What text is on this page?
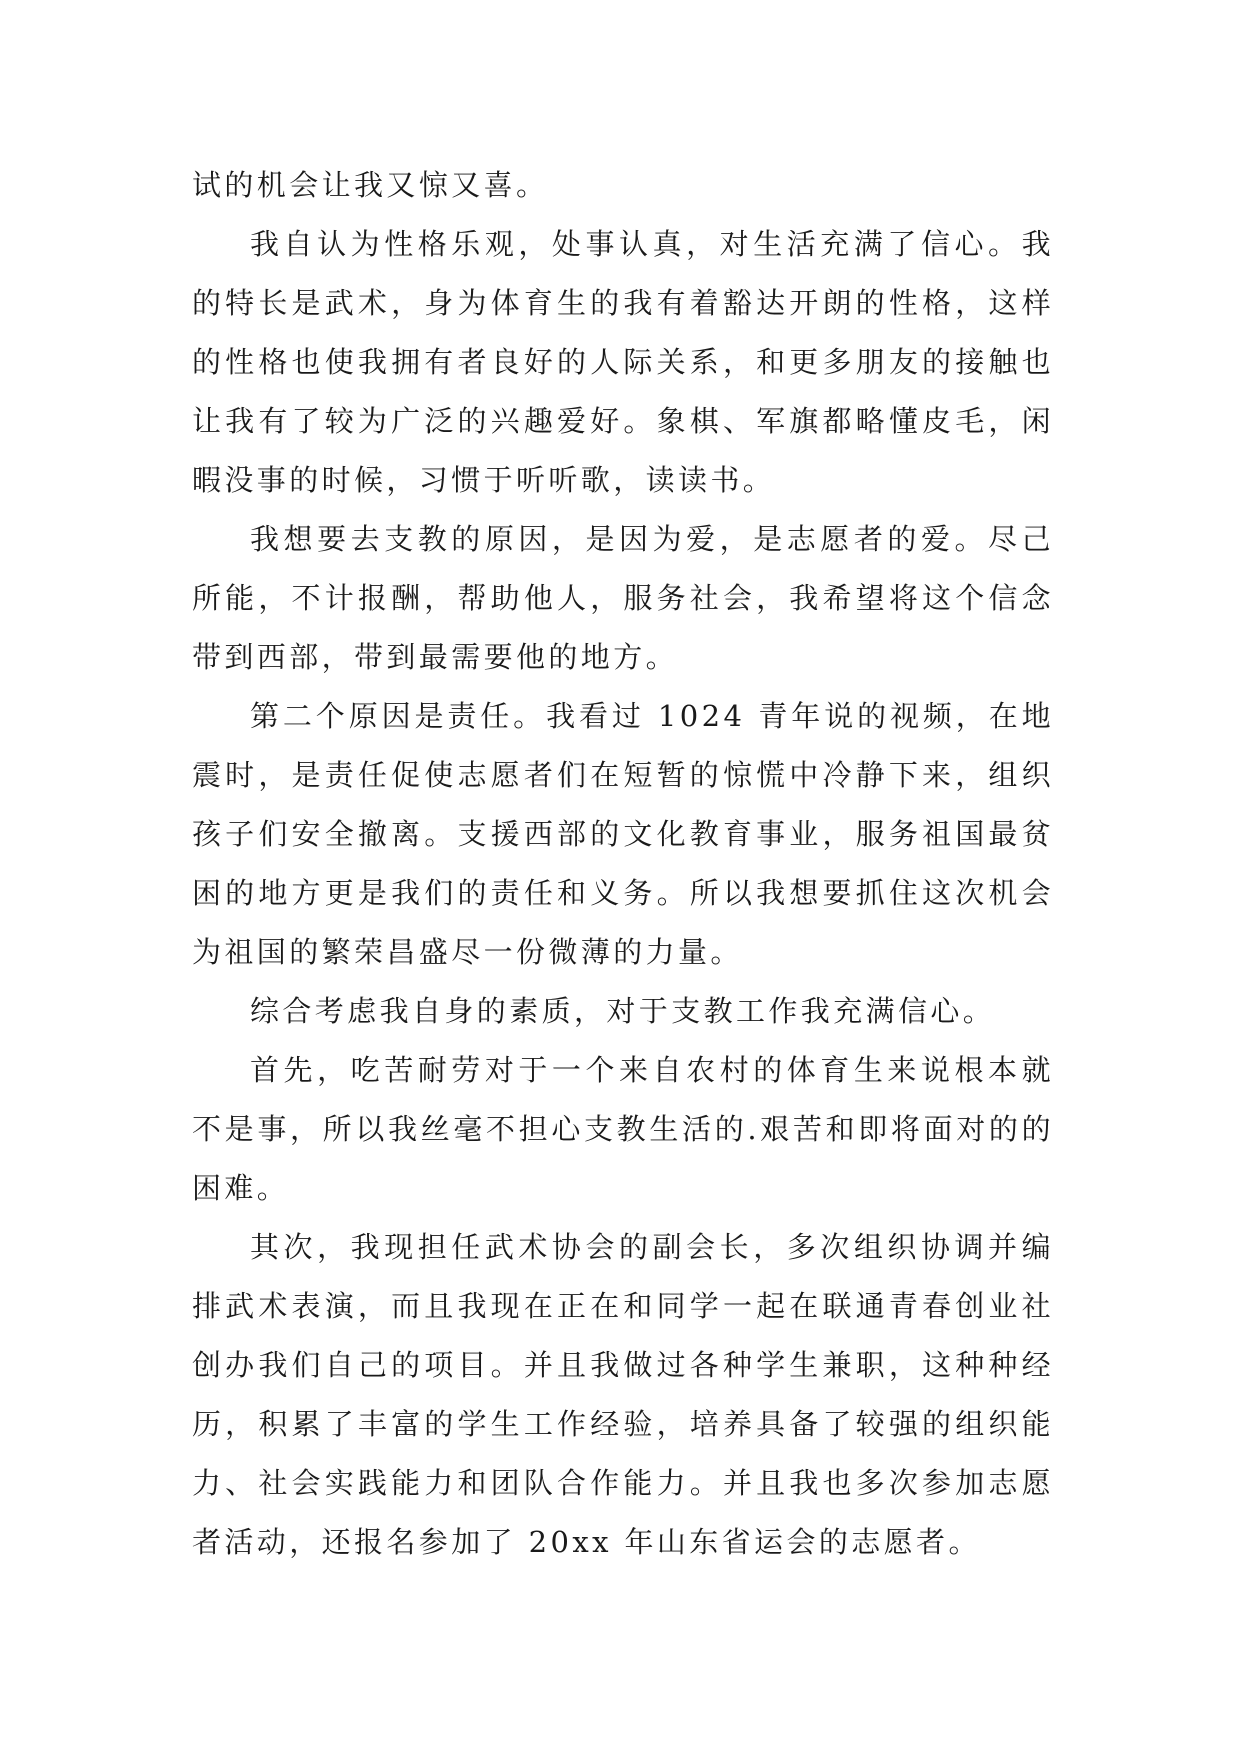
试的机会让我又惊又喜。

我自认为性格乐观，处事认真，对生活充满了信心。我的特长是武术，身为体育生的我有着豁达开朗的性格，这样的性格也使我拥有者良好的人际关系，和更多朋友的接触也让我有了较为广泛的兴趣爱好。象棋、军旗都略懂皮毛，闲暇没事的时候，习惯于听听歌，读读书。

我想要去支教的原因，是因为爱，是志愿者的爱。尽己所能，不计报酬，帮助他人，服务社会，我希望将这个信念带到西部，带到最需要他的地方。

第二个原因是责任。我看过 1024 青年说的视频，在地震时，是责任促使志愿者们在短暂的惊慌中冷静下来，组织孩子们安全撤离。支援西部的文化教育事业，服务祖国最贫困的地方更是我们的责任和义务。所以我想要抓住这次机会为祖国的繁荣昌盛尽一份微薄的力量。

综合考虑我自身的素质，对于支教工作我充满信心。

首先，吃苦耐劳对于一个来自农村的体育生来说根本就不是事，所以我丝毫不担心支教生活的.艰苦和即将面对的的困难。

其次，我现担任武术协会的副会长，多次组织协调并编排武术表演，而且我现在正在和同学一起在联通青春创业社创办我们自己的项目。并且我做过各种学生兼职，这种种经历，积累了丰富的学生工作经验，培养具备了较强的组织能力、社会实践能力和团队合作能力。并且我也多次参加志愿者活动，还报名参加了 20xx 年山东省运会的志愿者。
